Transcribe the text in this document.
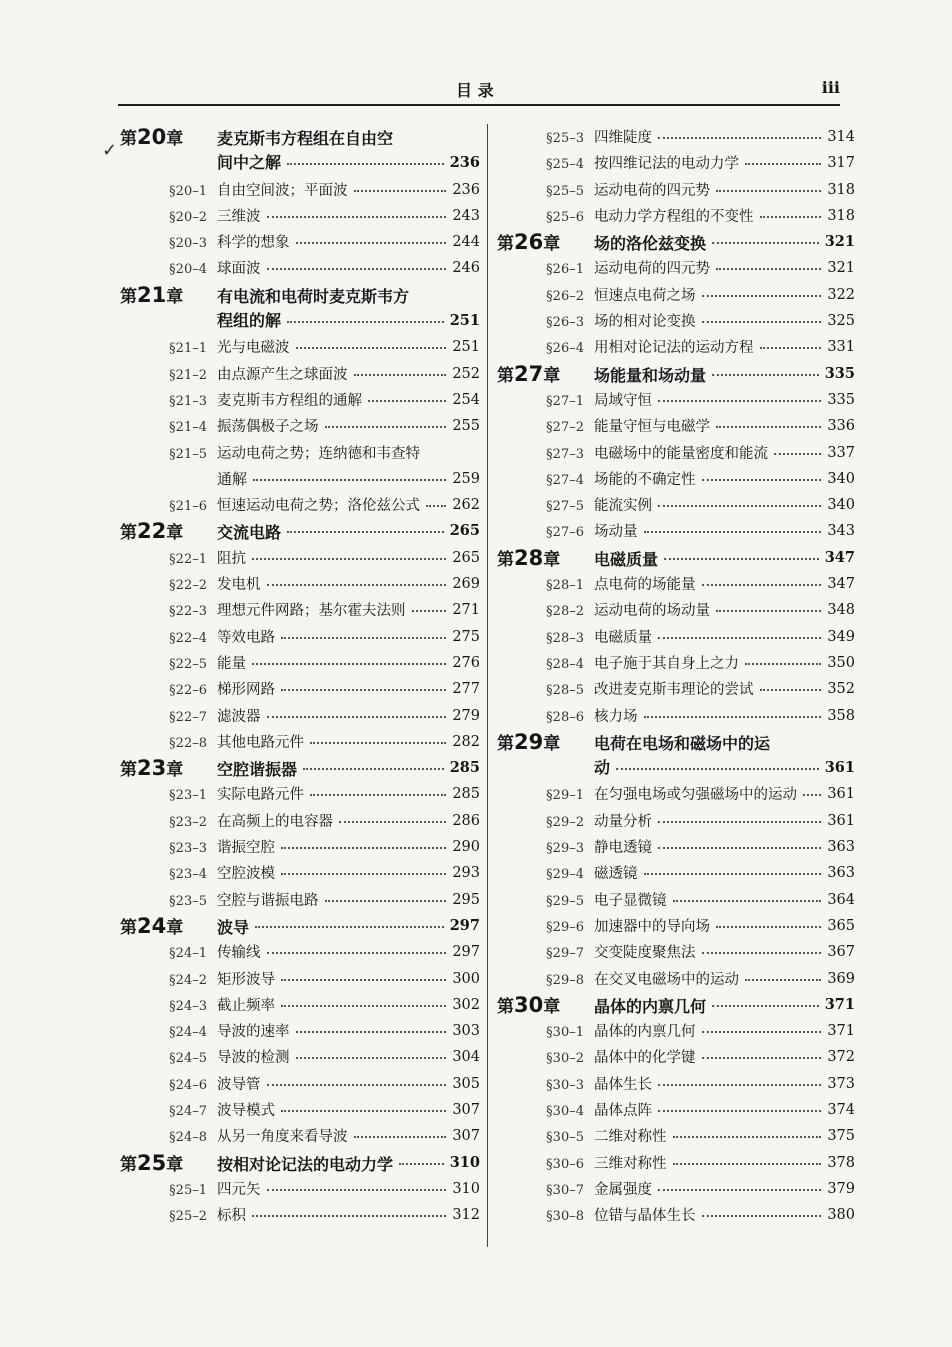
目 录	iii
第20章 麦克斯韦方程组在自由空
间中之解	236
§20–1 自由空间波；平面波	236
§20–2 三维波	243
§20–3 科学的想象	244
§20–4 球面波	246
第21章 有电流和电荷时麦克斯韦方
程组的解	251
§21–1 光与电磁波	251
§21–2 由点源产生之球面波	252
§21–3 麦克斯韦方程组的通解	254
§21–4 振荡偶极子之场	255
§21–5 运动电荷之势；连纳德和韦查特
通解	259
§21–6 恒速运动电荷之势；洛伦兹公式 262
第22章 交流电路	265
§22–1 阻抗	265
§22–2 发电机	269
§22–3 理想元件网路；基尔霍夫法则	271
§22–4 等效电路	275
§22–5 能量	276
§22–6 梯形网路	277
§22–7 滤波器	279
§22–8 其他电路元件	282
第23章 空腔谐振器	285
§23–1 实际电路元件	285
§23–2 在高频上的电容器	286
§23–3 谐振空腔	290
§23–4 空腔波模	293
§23–5 空腔与谐振电路	295
第24章 波导	297
§24–1 传输线	297
§24–2 矩形波导	300
§24–3 截止频率	302
§24–4 导波的速率	303
§24–5 导波的检测	304
§24–6 波导管	305
§24–7 波导模式	307
§24–8 从另一角度来看导波	307
第25章 按相对论记法的电动力学	310
§25–1 四元矢	310
§25–2 标积	312
§25–3 四维陡度	314
§25–4 按四维记法的电动力学	317
§25–5 运动电荷的四元势	318
§25–6 电动力学方程组的不变性	318
第26章 场的洛伦兹变换	321
§26–1 运动电荷的四元势	321
§26–2 恒速点电荷之场	322
§26–3 场的相对论变换	325
§26–4 用相对论记法的运动方程	331
第27章 场能量和场动量	335
§27–1 局域守恒	335
§27–2 能量守恒与电磁学	336
§27–3 电磁场中的能量密度和能流	337
§27–4 场能的不确定性	340
§27–5 能流实例	340
§27–6 场动量	343
第28章 电磁质量	347
§28–1 点电荷的场能量	347
§28–2 运动电荷的场动量	348
§28–3 电磁质量	349
§28–4 电子施于其自身上之力	350
§28–5 改进麦克斯韦理论的尝试	352
§28–6 核力场	358
第29章 电荷在电场和磁场中的运
动	361
§29–1 在匀强电场或匀强磁场中的运动 361
§29–2 动量分析	361
§29–3 静电透镜	363
§29–4 磁透镜	363
§29–5 电子显微镜	364
§29–6 加速器中的导向场	365
§29–7 交变陡度聚焦法	367
§29–8 在交叉电磁场中的运动	369
第30章 晶体的内禀几何	371
§30–1 晶体的内禀几何	371
§30–2 晶体中的化学键	372
§30–3 晶体生长	373
§30–4 晶体点阵	374
§30–5 二维对称性	375
§30–6 三维对称性	378
§30–7 金属强度	379
§30–8 位错与晶体生长	380
✓
